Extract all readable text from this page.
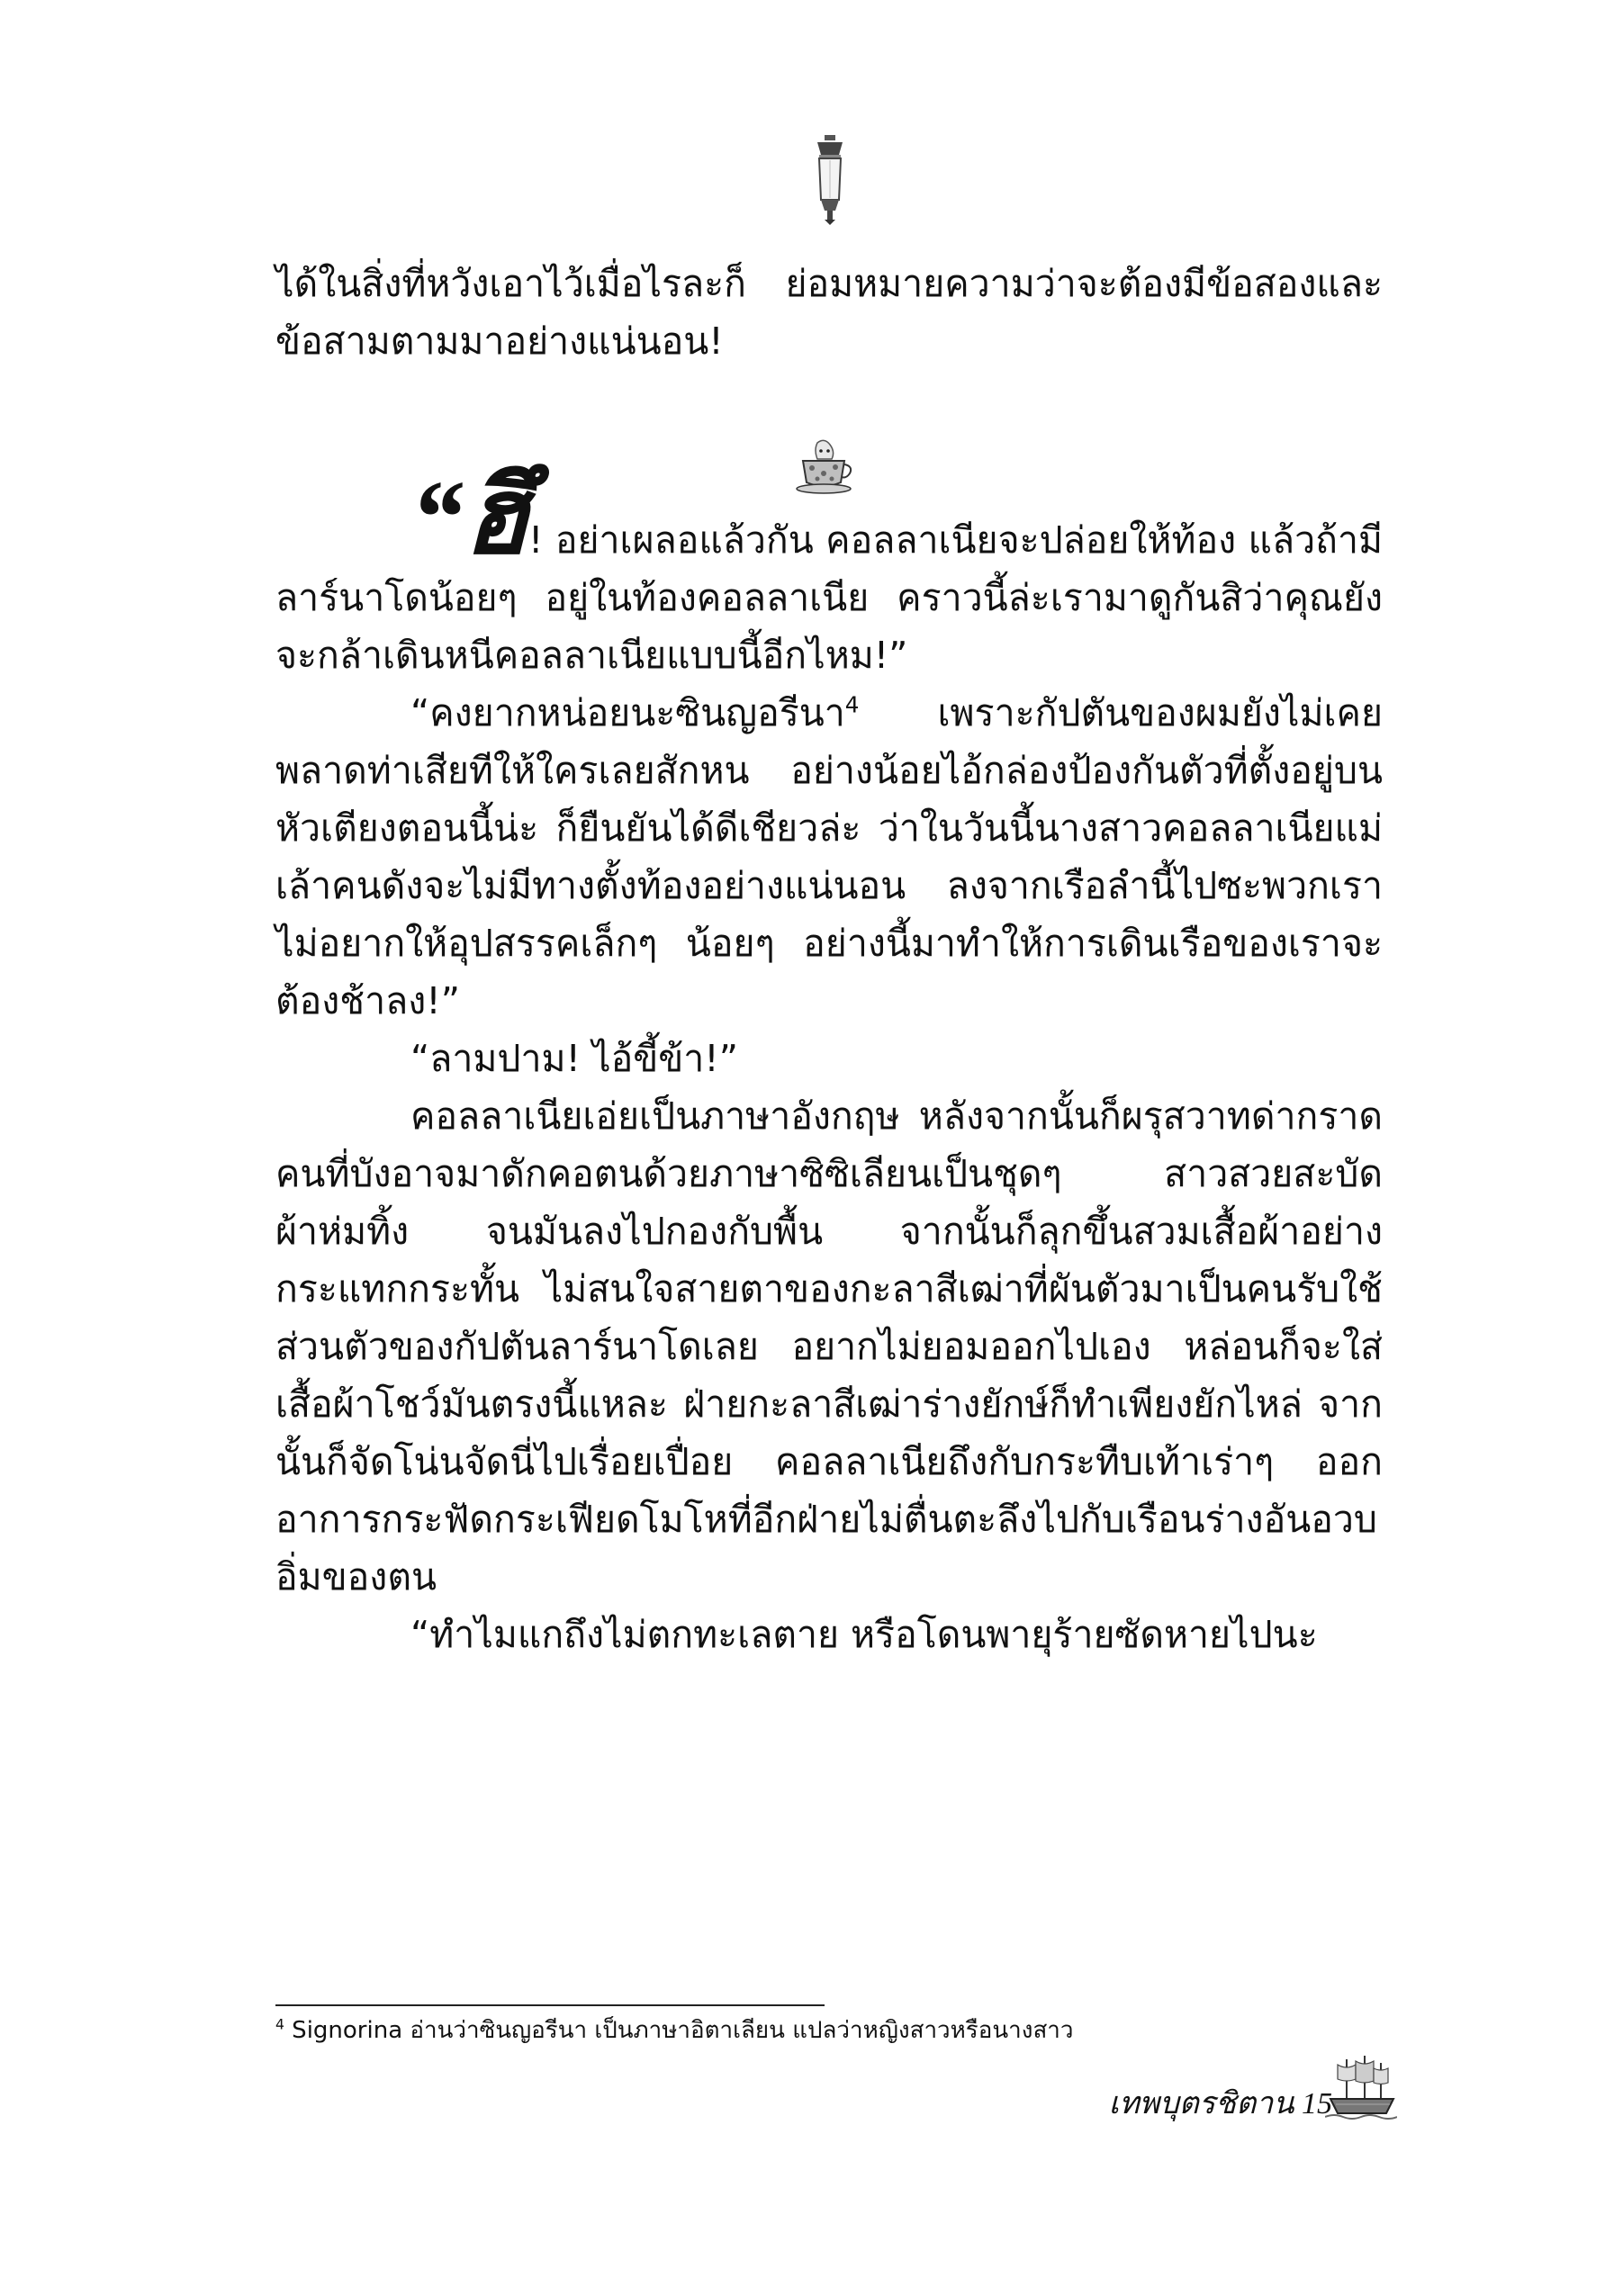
ได้ในสิ่งที่หวังเอาไว้เมื่อไรละก็ ย่อมหมายความว่าจะต้องมีข้อสองและข้อสามตามมาอย่างแน่นอน!

“ฮึ! อย่าเผลอแล้วกัน คอลลาเนียจะปล่อยให้ท้อง แล้วถ้ามีลาร์นาโดน้อยๆ อยู่ในท้องคอลลาเนีย คราวนี้ล่ะเรามาดูกันสิว่าคุณยังจะกล้าเดินหนีคอลลาเนียแบบนี้อีกไหม!”

“คงยากหน่อยนะซินญอรีนา$^4$ เพราะกัปตันของผมยังไม่เคยพลาดท่าเสียทีให้ใครเลยสักหน อย่างน้อยไอ้กล่องป้องกันตัวที่ตั้งอยู่บนหัวเตียงตอนนี้น่ะ ก็ยืนยันได้ดีเชียวล่ะ ว่าในวันนี้นางสาวคอลลาเนียแม่เล้าคนดังจะไม่มีทางตั้งท้องอย่างแน่นอน ลงจากเรือลำนี้ไปซะพวกเราไม่อยากให้อุปสรรคเล็กๆ น้อยๆ อย่างนี้มาทำให้การเดินเรือของเราจะต้องช้าลง!”

“ลามปาม! ไอ้ขี้ข้า!”

คอลลาเนียเอ่ยเป็นภาษาอังกฤษ หลังจากนั้นก็ผรุสวาทด่ากราดคนที่บังอาจมาดักคอตนด้วยภาษาซิซิเลียนเป็นชุดๆ สาวสวยสะบัดผ้าห่มทิ้ง จนมันลงไปกองกับพื้น จากนั้นก็ลุกขึ้นสวมเสื้อผ้าอย่างกระแทกกระทั้น ไม่สนใจสายตาของกะลาสีเฒ่าที่ผันตัวมาเป็นคนรับใช้ส่วนตัวของกัปตันลาร์นาโดเลย อยากไม่ยอมออกไปเอง หล่อนก็จะใส่เสื้อผ้าโชว์มันตรงนี้แหละ ฝ่ายกะลาสีเฒ่าร่างยักษ์ก็ทำเพียงยักไหล่ จากนั้นก็จัดโน่นจัดนี่ไปเรื่อยเปื่อย คอลลาเนียถึงกับกระทืบเท้าเร่าๆ ออกอาการกระฟัดกระเฟียดโมโหที่อีกฝ่ายไม่ตื่นตะลึงไปกับเรือนร่างอันอวบอิ่มของตน

“ทำไมแกถึงไม่ตกทะเลตาย หรือโดนพายุร้ายซัดหายไปนะ

$^4$ Signorina อ่านว่าซินญอรีนา เป็นภาษาอิตาเลียน แปลว่าหญิงสาวหรือนางสาว
เทพบุตรชิตาน 15
